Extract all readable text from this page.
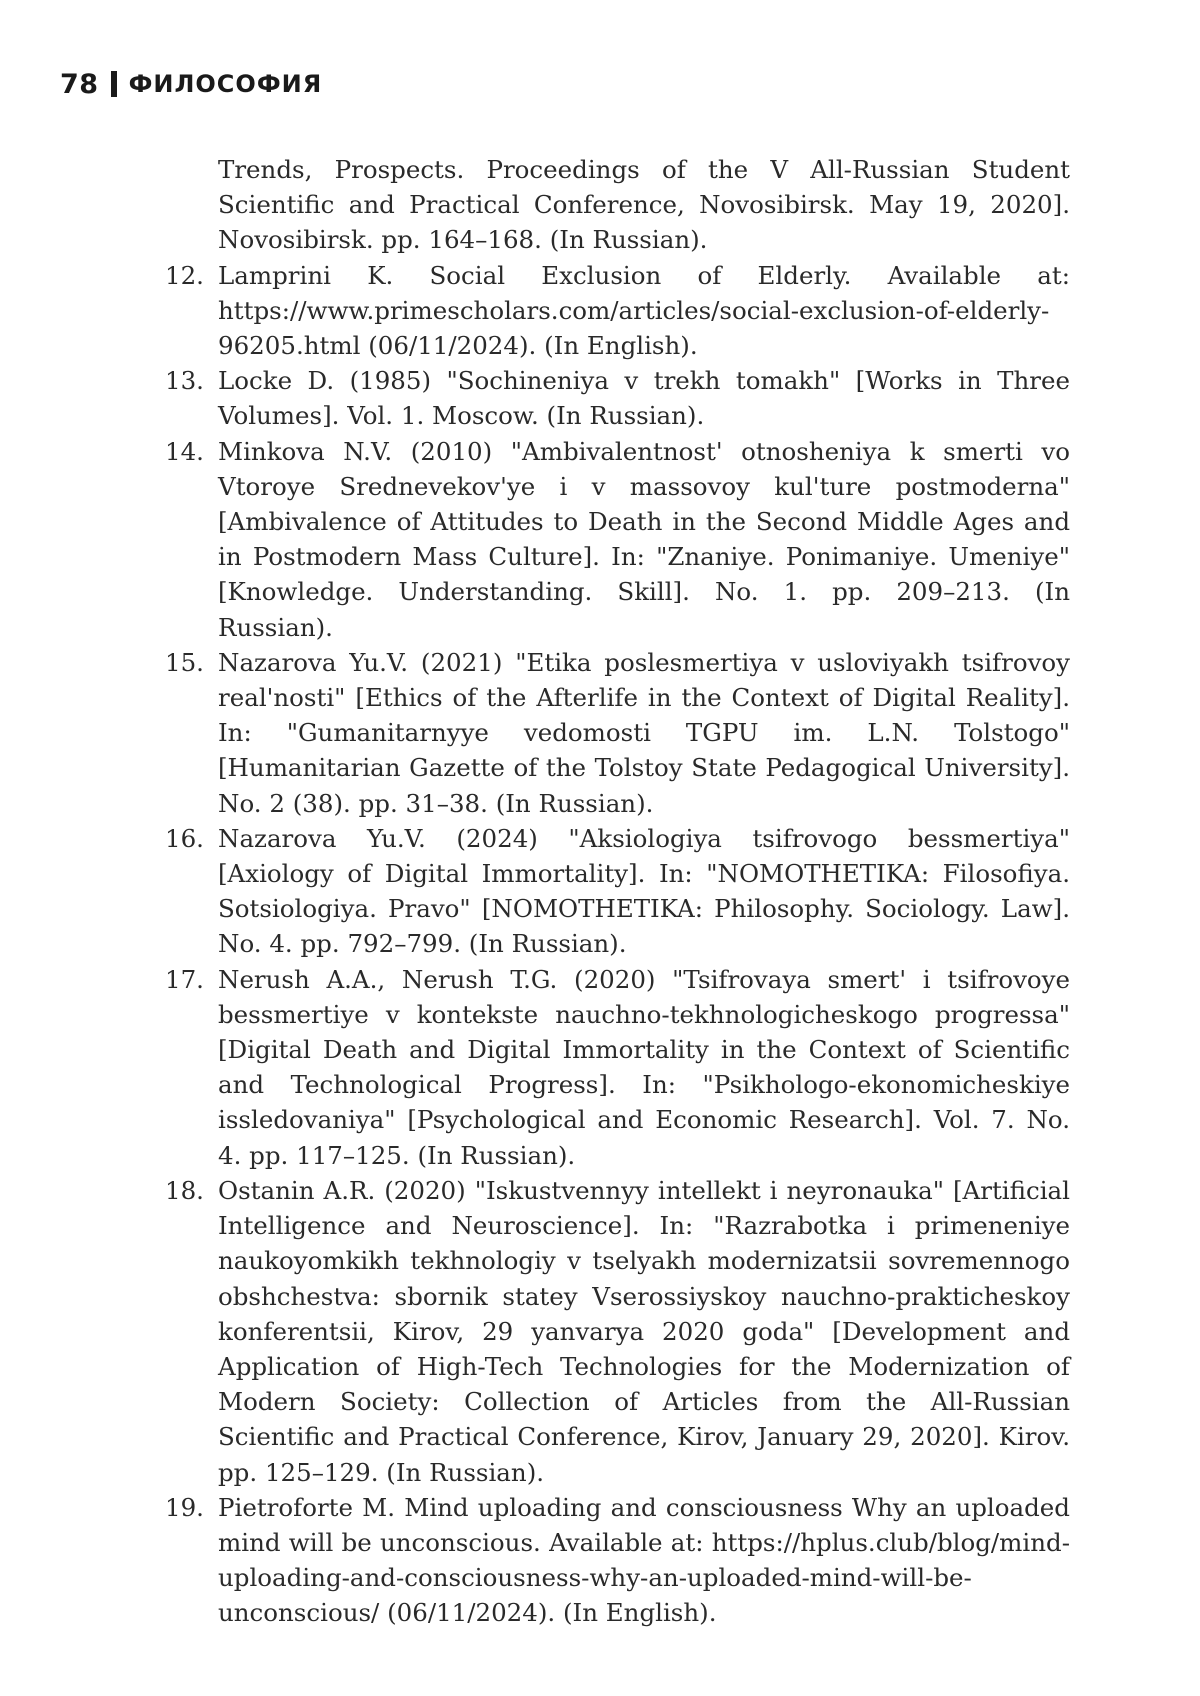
78 ФИЛОСОФИЯ
Trends, Prospects. Proceedings of the V All-Russian Student Scientific and Practical Conference, Novosibirsk. May 19, 2020]. Novosibirsk. pp. 164–168. (In Russian).
12. Lamprini K. Social Exclusion of Elderly. Available at: https://www.primescholars.com/articles/social-exclusion-of-elderly-96205.html (06/11/2024). (In English).
13. Locke D. (1985) "Sochineniya v trekh tomakh" [Works in Three Volumes]. Vol. 1. Moscow. (In Russian).
14. Minkova N.V. (2010) "Ambivalentnost' otnosheniya k smerti vo Vtoroye Srednevekov'ye i v massovoy kul'ture postmoderna" [Ambivalence of Attitudes to Death in the Second Middle Ages and in Postmodern Mass Culture]. In: "Znaniye. Ponimaniye. Umeniye" [Knowledge. Understanding. Skill]. No. 1. pp. 209–213. (In Russian).
15. Nazarova Yu.V. (2021) "Etika poslesmertiya v usloviyakh tsifrovoy real'nosti" [Ethics of the Afterlife in the Context of Digital Reality]. In: "Gumanitarnyye vedomosti TGPU im. L.N. Tolstogo" [Humanitarian Gazette of the Tolstoy State Pedagogical University]. No. 2 (38). pp. 31–38. (In Russian).
16. Nazarova Yu.V. (2024) "Aksiologiya tsifrovogo bessmertiya" [Axiology of Digital Immortality]. In: "NOMOTHETIKA: Filosofiya. Sotsiologiya. Pravo" [NOMOTHETIKA: Philosophy. Sociology. Law]. No. 4. pp. 792–799. (In Russian).
17. Nerush A.A., Nerush T.G. (2020) "Tsifrovaya smert' i tsifrovoye bessmertiye v kontekste nauchno-tekhnologicheskogo progressa" [Digital Death and Digital Immortality in the Context of Scientific and Technological Progress]. In: "Psikhologo-ekonomicheskiye issledovaniya" [Psychological and Economic Research]. Vol. 7. No. 4. pp. 117–125. (In Russian).
18. Ostanin A.R. (2020) "Iskustvennyy intellekt i neyronauka" [Artificial Intelligence and Neuroscience]. In: "Razrabotka i primeneniye naukoyomkikh tekhnologiy v tselyakh modernizatsii sovremennogo obshchestva: sbornik statey Vserossiyskoy nauchno-prakticheskoy konferentsii, Kirov, 29 yanvarya 2020 goda" [Development and Application of High-Tech Technologies for the Modernization of Modern Society: Collection of Articles from the All-Russian Scientific and Practical Conference, Kirov, January 29, 2020]. Kirov. pp. 125–129. (In Russian).
19. Pietroforte M. Mind uploading and consciousness Why an uploaded mind will be unconscious. Available at: https://hplus.club/blog/mind-uploading-and-consciousness-why-an-uploaded-mind-will-be-unconscious/ (06/11/2024). (In English).
